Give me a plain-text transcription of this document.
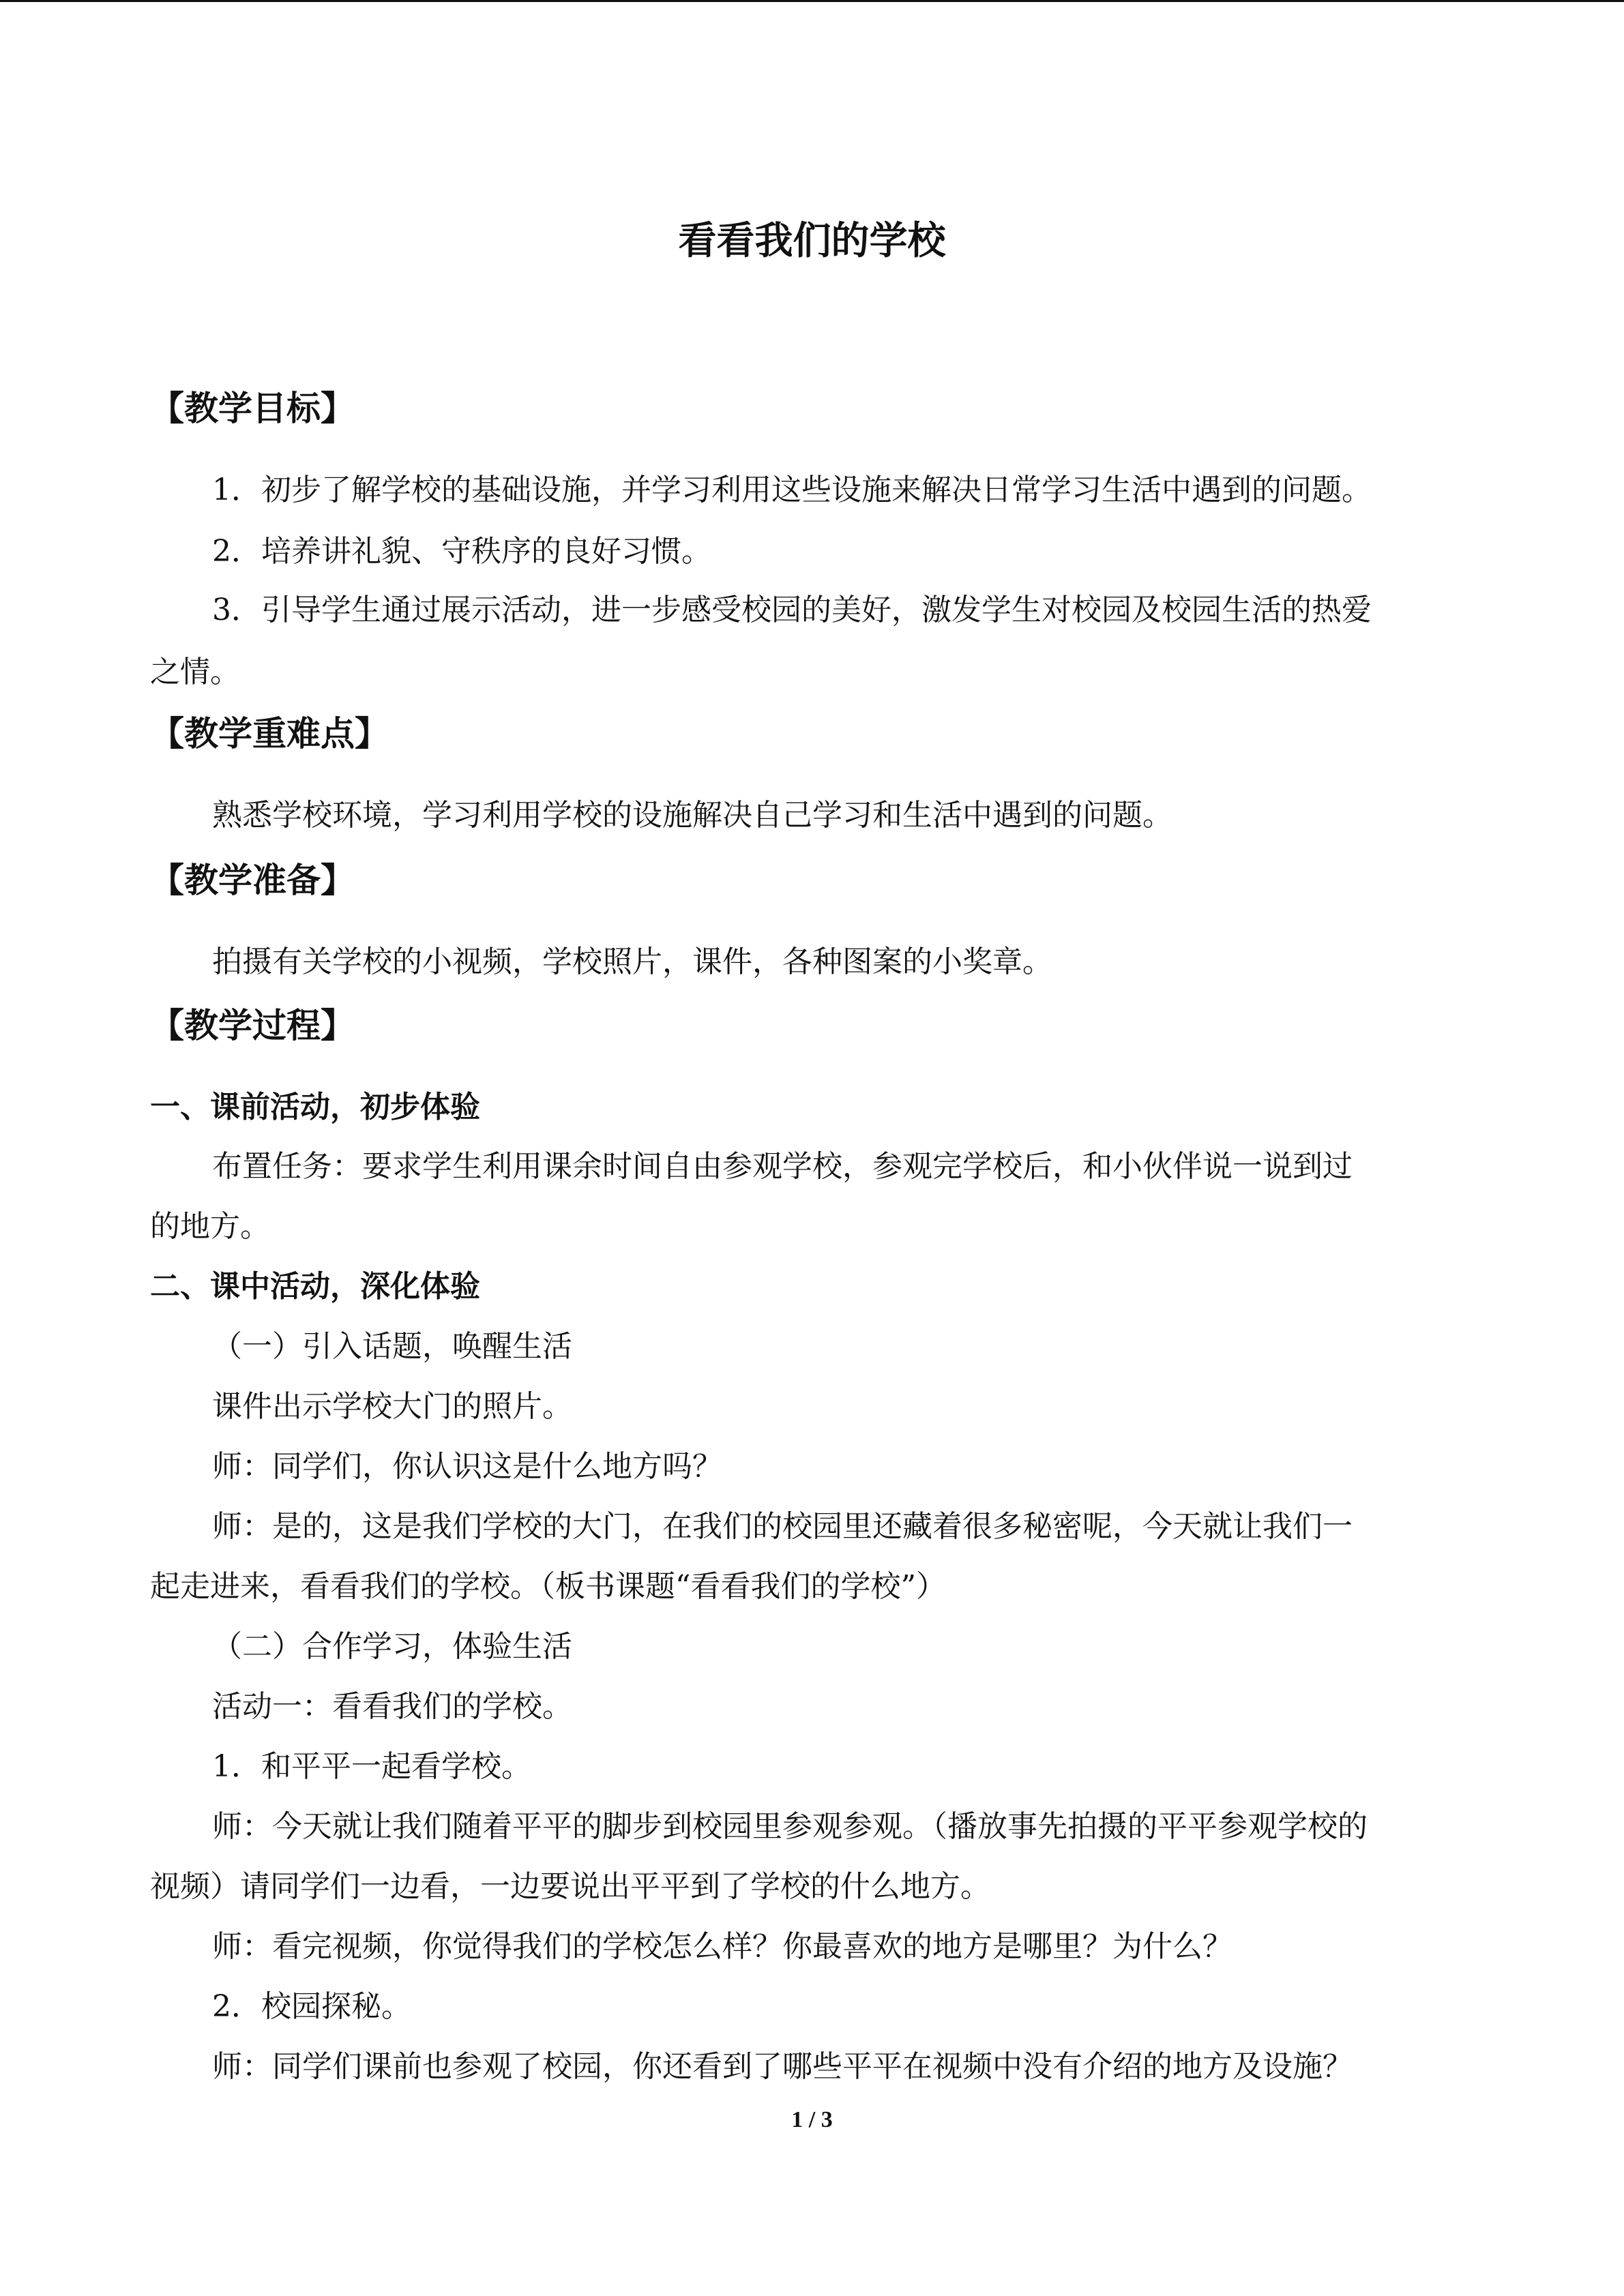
看看我们的学校
【教学目标】
1．初步了解学校的基础设施，并学习利用这些设施来解决日常学习生活中遇到的问题。
2．培养讲礼貌、守秩序的良好习惯。
3．引导学生通过展示活动，进一步感受校园的美好，激发学生对校园及校园生活的热爱
之情。
【教学重难点】
熟悉学校环境，学习利用学校的设施解决自己学习和生活中遇到的问题。
【教学准备】
拍摄有关学校的小视频，学校照片，课件，各种图案的小奖章。
【教学过程】
一、课前活动，初步体验
布置任务：要求学生利用课余时间自由参观学校，参观完学校后，和小伙伴说一说到过
的地方。
二、课中活动，深化体验
（一）引入话题，唤醒生活
课件出示学校大门的照片。
师：同学们，你认识这是什么地方吗？
师：是的，这是我们学校的大门，在我们的校园里还藏着很多秘密呢，今天就让我们一
起走进来，看看我们的学校。（板书课题“看看我们的学校”）
（二）合作学习，体验生活
活动一：看看我们的学校。
1．和平平一起看学校。
师：今天就让我们随着平平的脚步到校园里参观参观。（播放事先拍摄的平平参观学校的
视频）请同学们一边看，一边要说出平平到了学校的什么地方。
师：看完视频，你觉得我们的学校怎么样？你最喜欢的地方是哪里？为什么？
2．校园探秘。
师：同学们课前也参观了校园，你还看到了哪些平平在视频中没有介绍的地方及设施？
1 / 3
